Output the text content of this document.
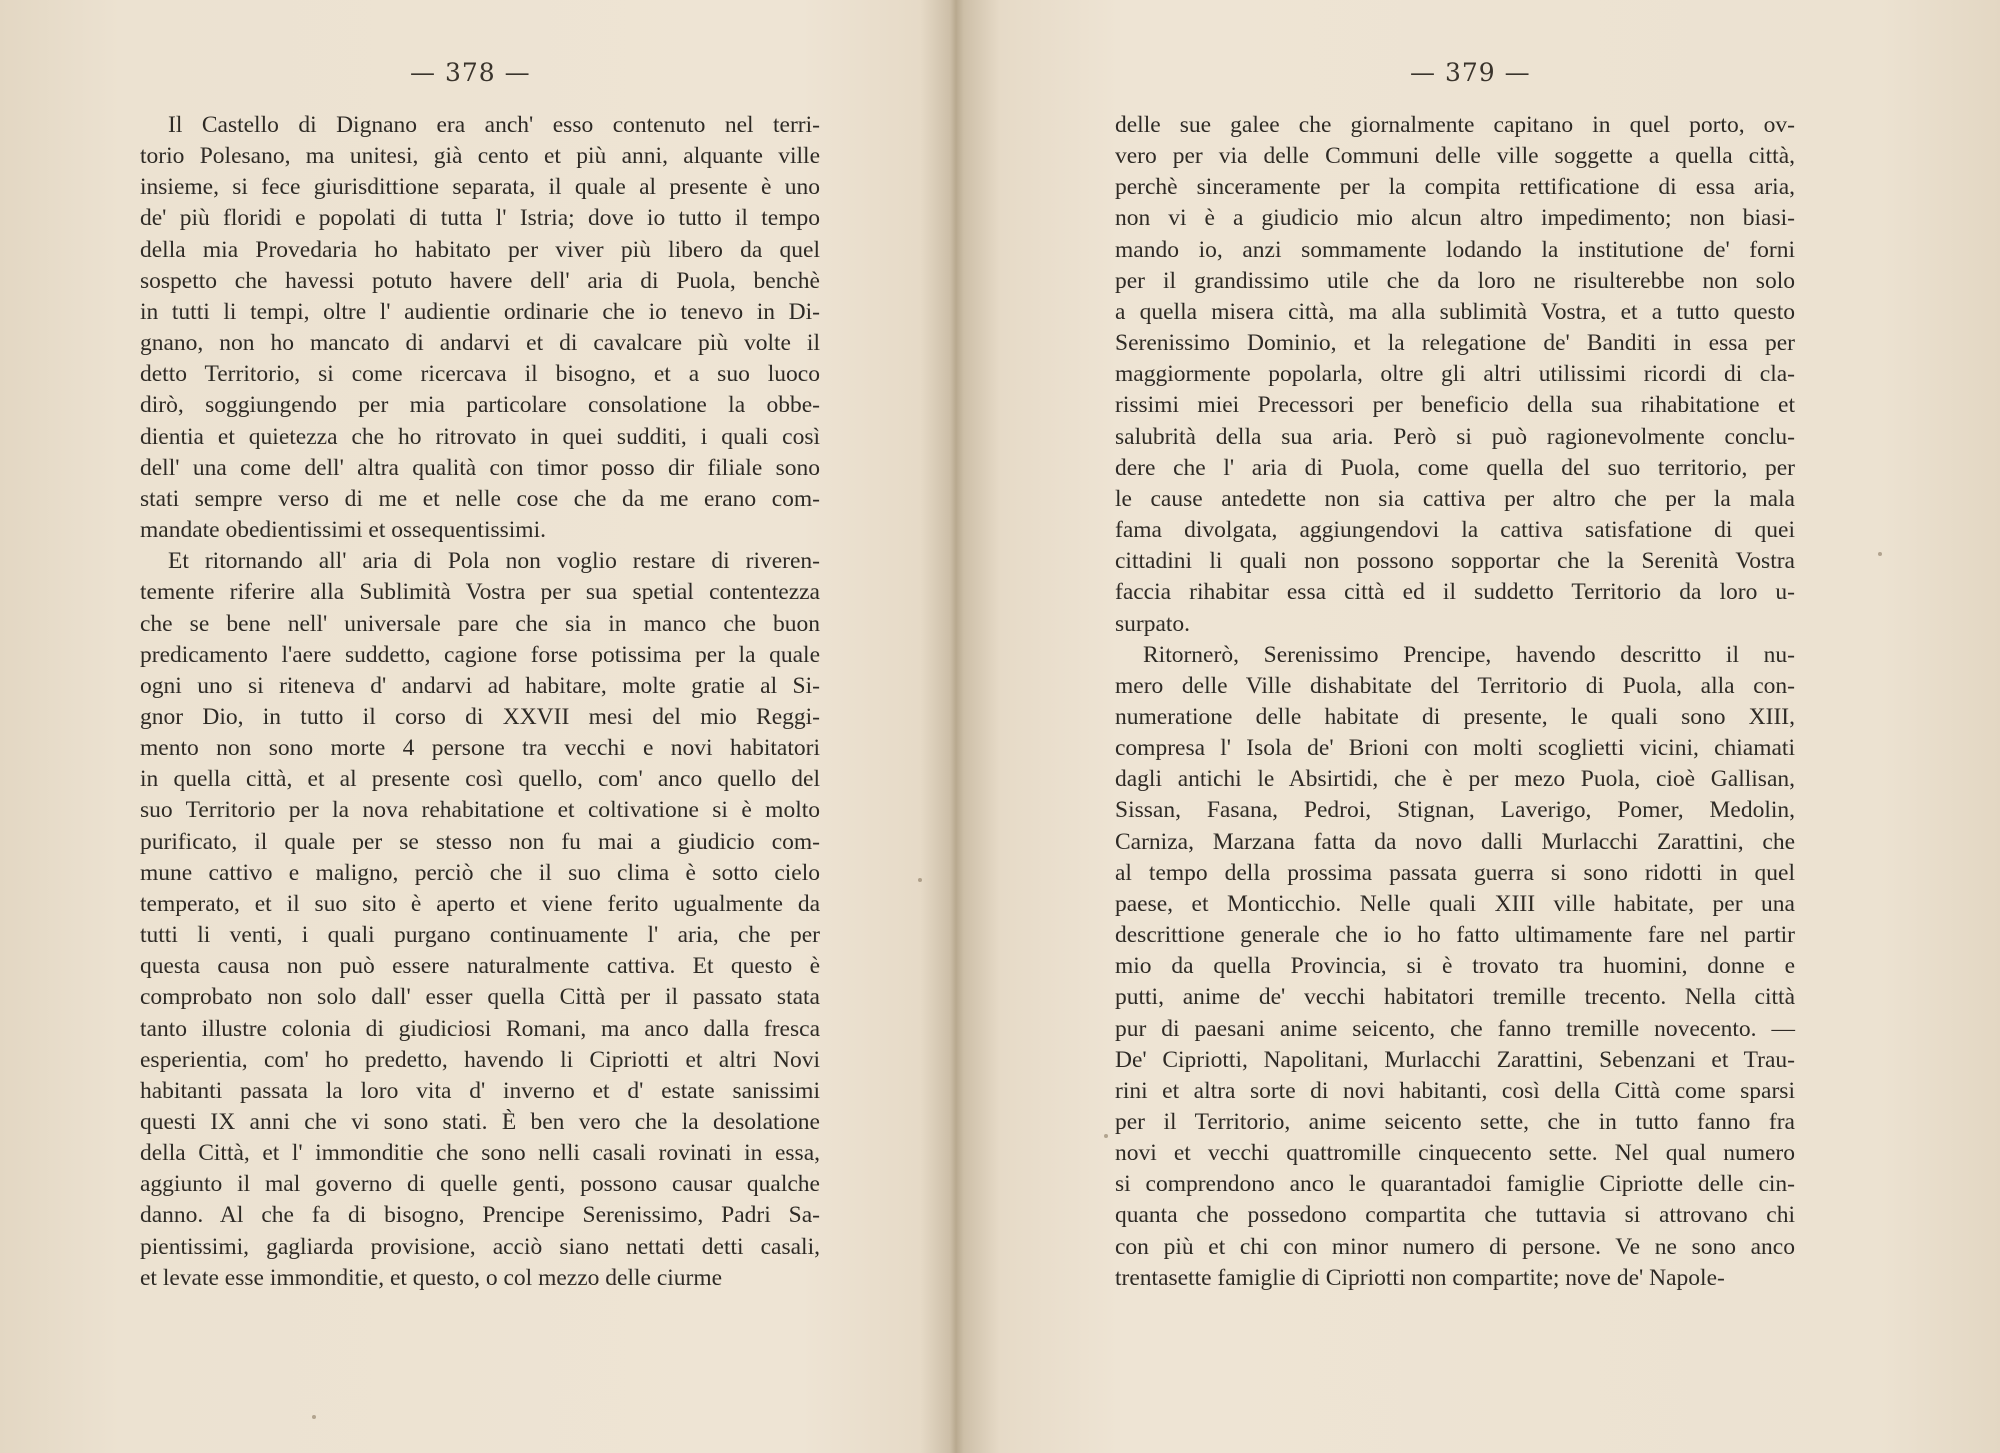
— 378 —
Il Castello di Dignano era anch' esso contenuto nel terri-
torio Polesano, ma unitesi, già cento et più anni, alquante ville
insieme, si fece giurisdittione separata, il quale al presente è uno
de' più floridi e popolati di tutta l' Istria; dove io tutto il tempo
della mia Provedaria ho habitato per viver più libero da quel
sospetto che havessi potuto havere dell' aria di Puola, benchè
in tutti li tempi, oltre l' audientie ordinarie che io tenevo in Di-
gnano, non ho mancato di andarvi et di cavalcare più volte il
detto Territorio, si come ricercava il bisogno, et a suo luoco
dirò, soggiungendo per mia particolare consolatione la obbe-
dientia et quietezza che ho ritrovato in quei sudditi, i quali così
dell' una come dell' altra qualità con timor posso dir filiale sono
stati sempre verso di me et nelle cose che da me erano com-
mandate obedientissimi et ossequentissimi.
Et ritornando all' aria di Pola non voglio restare di riveren-
temente riferire alla Sublimità Vostra per sua spetial contentezza
che se bene nell' universale pare che sia in manco che buon
predicamento l'aere suddetto, cagione forse potissima per la quale
ogni uno si riteneva d' andarvi ad habitare, molte gratie al Si-
gnor Dio, in tutto il corso di XXVII mesi del mio Reggi-
mento non sono morte 4 persone tra vecchi e novi habitatori
in quella città, et al presente così quello, com' anco quello del
suo Territorio per la nova rehabitatione et coltivatione si è molto
purificato, il quale per se stesso non fu mai a giudicio com-
mune cattivo e maligno, perciò che il suo clima è sotto cielo
temperato, et il suo sito è aperto et viene ferito ugualmente da
tutti li venti, i quali purgano continuamente l' aria, che per
questa causa non può essere naturalmente cattiva. Et questo è
comprobato non solo dall' esser quella Città per il passato stata
tanto illustre colonia di giudiciosi Romani, ma anco dalla fresca
esperientia, com' ho predetto, havendo li Cipriotti et altri Novi
habitanti passata la loro vita d' inverno et d' estate sanissimi
questi IX anni che vi sono stati. È ben vero che la desolatione
della Città, et l' immonditie che sono nelli casali rovinati in essa,
aggiunto il mal governo di quelle genti, possono causar qualche
danno. Al che fa di bisogno, Prencipe Serenissimo, Padri Sa-
pientissimi, gagliarda provisione, acciò siano nettati detti casali,
et levate esse immonditie, et questo, o col mezzo delle ciurme
— 379 —
delle sue galee che giornalmente capitano in quel porto, ov-
vero per via delle Communi delle ville soggette a quella città,
perchè sinceramente per la compita rettificatione di essa aria,
non vi è a giudicio mio alcun altro impedimento; non biasi-
mando io, anzi sommamente lodando la institutione de' forni
per il grandissimo utile che da loro ne risulterebbe non solo
a quella misera città, ma alla sublimità Vostra, et a tutto questo
Serenissimo Dominio, et la relegatione de' Banditi in essa per
maggiormente popolarla, oltre gli altri utilissimi ricordi di cla-
rissimi miei Precessori per beneficio della sua rihabitatione et
salubrità della sua aria. Però si può ragionevolmente conclu-
dere che l' aria di Puola, come quella del suo territorio, per
le cause antedette non sia cattiva per altro che per la mala
fama divolgata, aggiungendovi la cattiva satisfatione di quei
cittadini li quali non possono sopportar che la Serenità Vostra
faccia rihabitar essa città ed il suddetto Territorio da loro u-
surpato.
Ritornerò, Serenissimo Prencipe, havendo descritto il nu-
mero delle Ville dishabitate del Territorio di Puola, alla con-
numeratione delle habitate di presente, le quali sono XIII,
compresa l' Isola de' Brioni con molti scoglietti vicini, chiamati
dagli antichi le Absirtidi, che è per mezo Puola, cioè Gallisan,
Sissan, Fasana, Pedroi, Stignan, Laverigo, Pomer, Medolin,
Carniza, Marzana fatta da novo dalli Murlacchi Zarattini, che
al tempo della prossima passata guerra si sono ridotti in quel
paese, et Monticchio. Nelle quali XIII ville habitate, per una
descrittione generale che io ho fatto ultimamente fare nel partir
mio da quella Provincia, si è trovato tra huomini, donne e
putti, anime de' vecchi habitatori tremille trecento. Nella città
pur di paesani anime seicento, che fanno tremille novecento. —
De' Cipriotti, Napolitani, Murlacchi Zarattini, Sebenzani et Trau-
rini et altra sorte di novi habitanti, così della Città come sparsi
per il Territorio, anime seicento sette, che in tutto fanno fra
novi et vecchi quattromille cinquecento sette. Nel qual numero
si comprendono anco le quarantadoi famiglie Cipriotte delle cin-
quanta che possedono compartita che tuttavia si attrovano chi
con più et chi con minor numero di persone. Ve ne sono anco
trentasette famiglie di Cipriotti non compartite; nove de' Napole-
